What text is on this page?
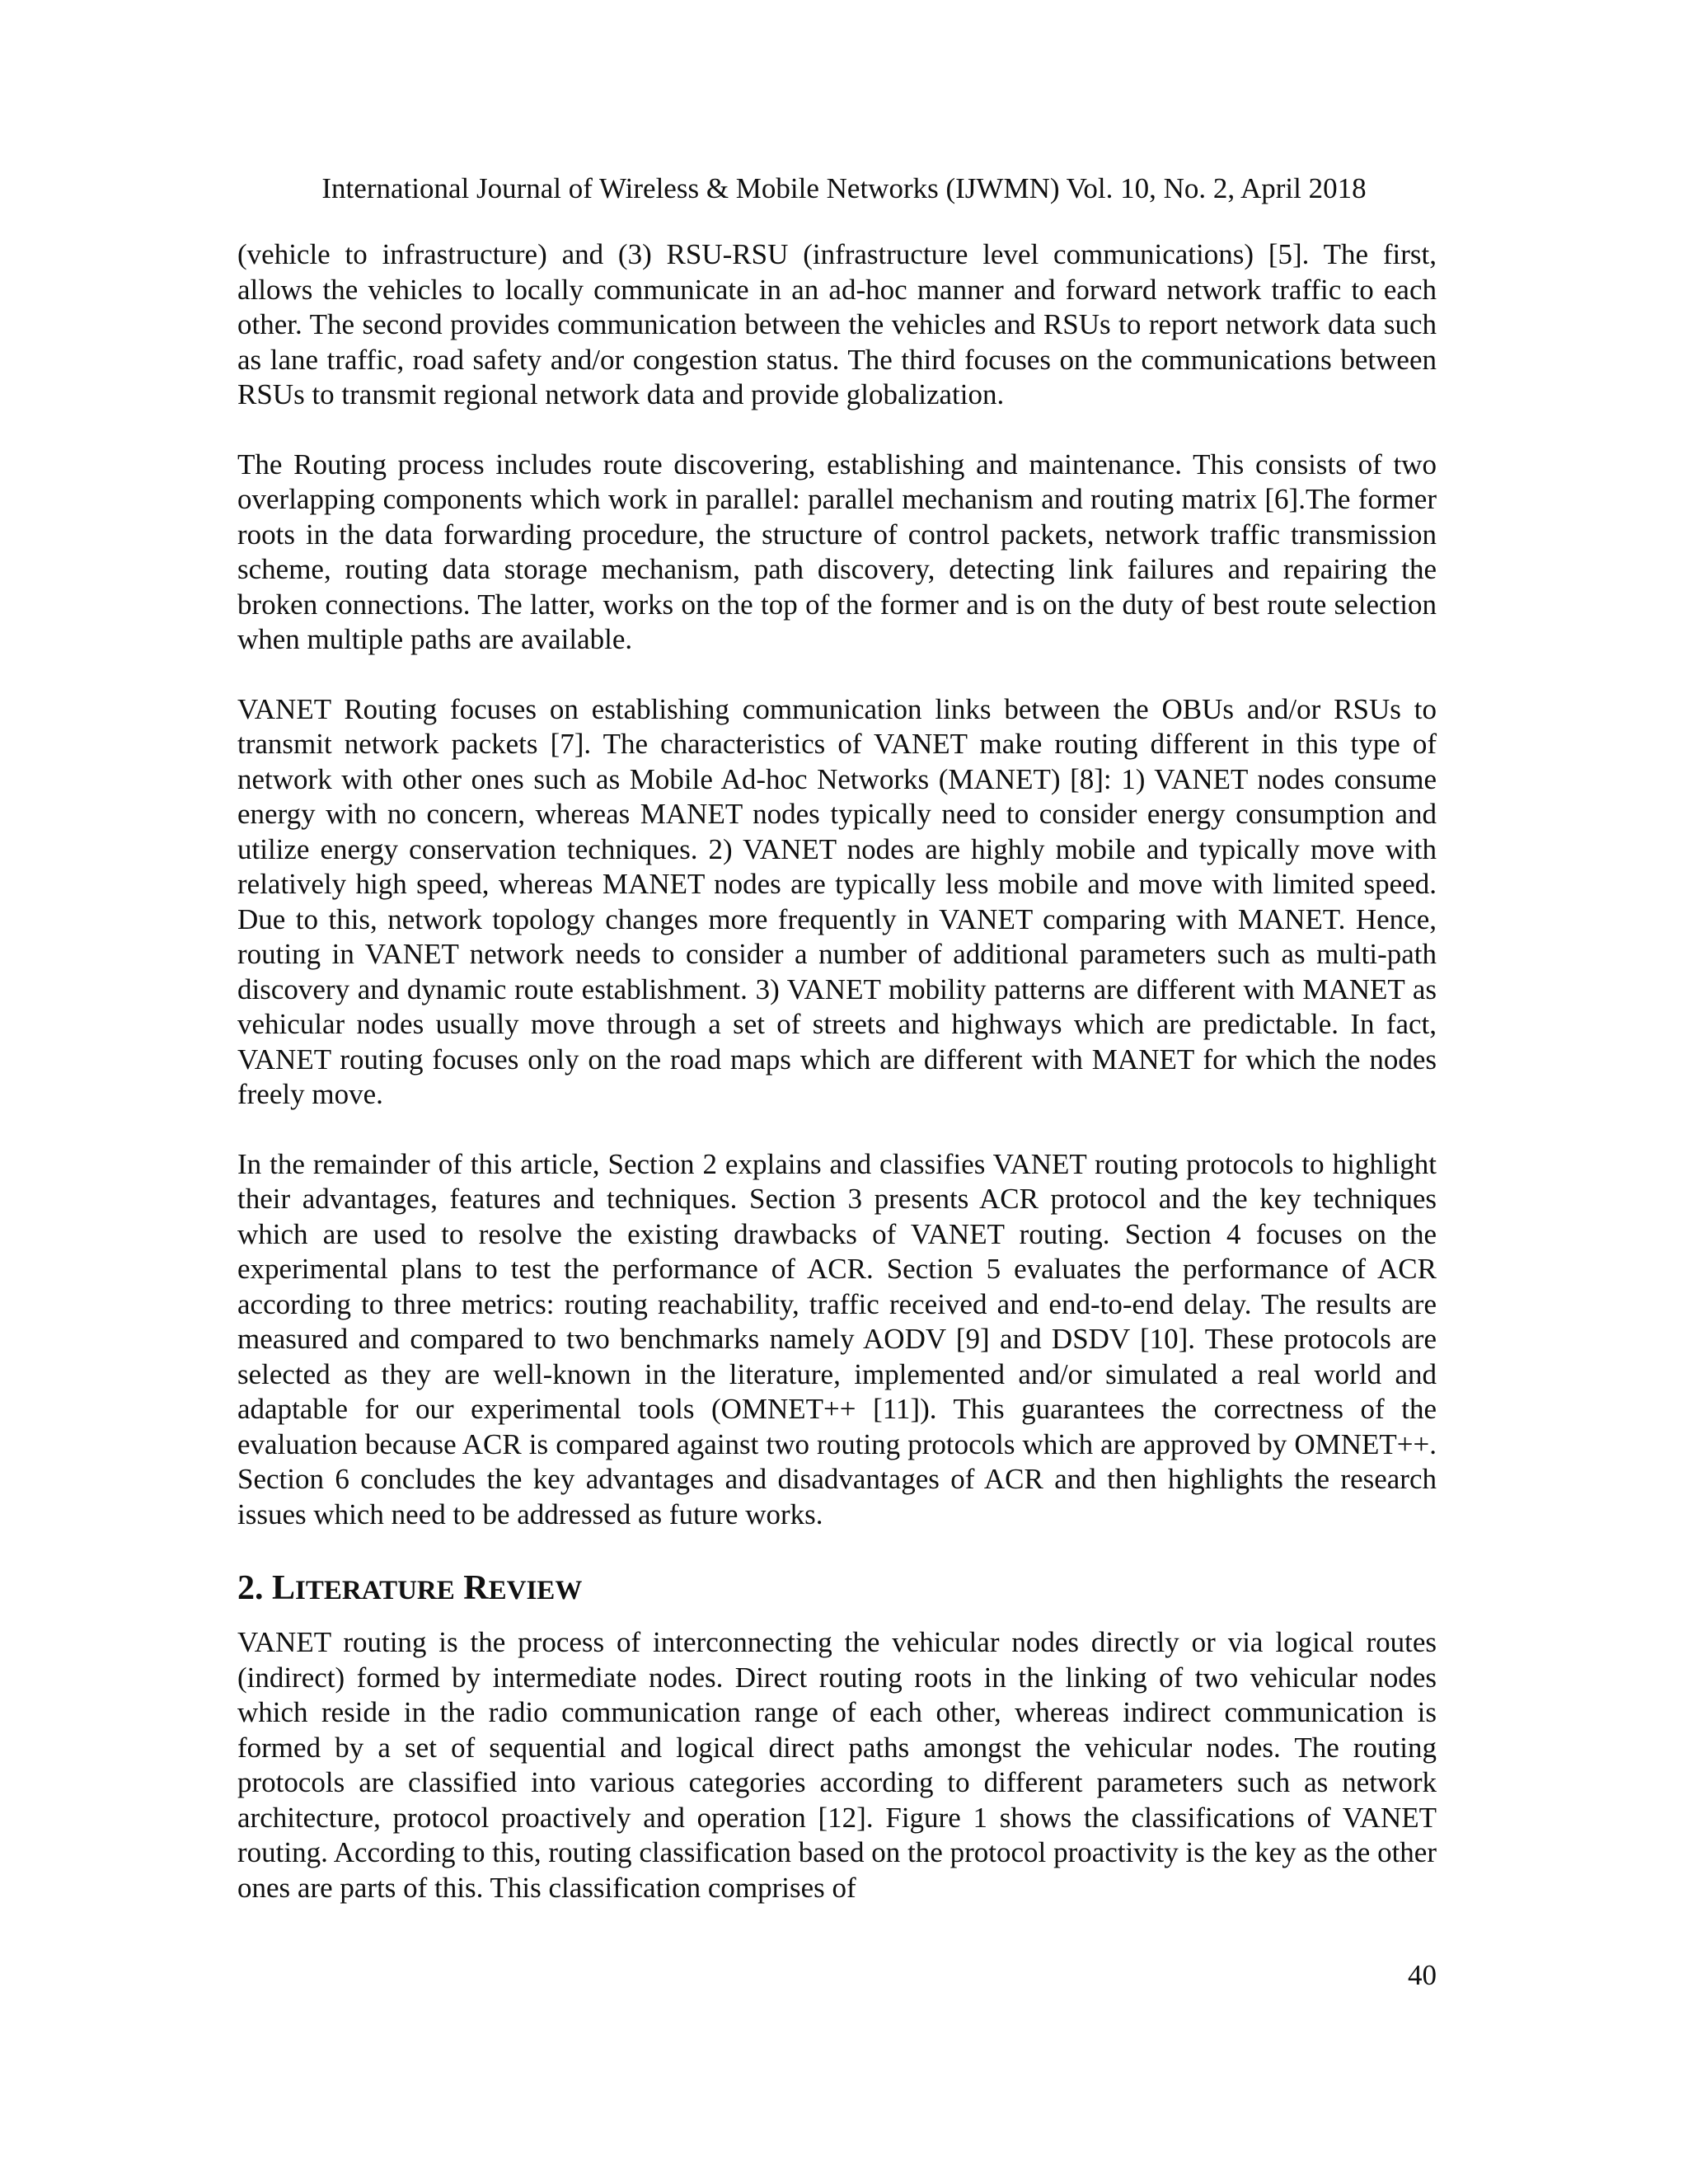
International Journal of Wireless & Mobile Networks (IJWMN) Vol. 10, No. 2, April 2018

(vehicle to infrastructure) and (3) RSU-RSU (infrastructure level communications) [5]. The first, allows the vehicles to locally communicate in an ad-hoc manner and forward network traffic to each other. The second provides communication between the vehicles and RSUs to report network data such as lane traffic, road safety and/or congestion status. The third focuses on the communications between RSUs to transmit regional network data and provide globalization.

The Routing process includes route discovering, establishing and maintenance. This consists of two overlapping components which work in parallel: parallel mechanism and routing matrix [6].The former roots in the data forwarding procedure, the structure of control packets, network traffic transmission scheme, routing data storage mechanism, path discovery, detecting link failures and repairing the broken connections. The latter, works on the top of the former and is on the duty of best route selection when multiple paths are available.

VANET Routing focuses on establishing communication links between the OBUs and/or RSUs to transmit network packets [7]. The characteristics of VANET make routing different in this type of network with other ones such as Mobile Ad-hoc Networks (MANET) [8]: 1) VANET nodes consume energy with no concern, whereas MANET nodes typically need to consider energy consumption and utilize energy conservation techniques. 2) VANET nodes are highly mobile and typically move with relatively high speed, whereas MANET nodes are typically less mobile and move with limited speed. Due to this, network topology changes more frequently in VANET comparing with MANET. Hence, routing in VANET network needs to consider a number of additional parameters such as multi-path discovery and dynamic route establishment. 3) VANET mobility patterns are different with MANET as vehicular nodes usually move through a set of streets and highways which are predictable. In fact, VANET routing focuses only on the road maps which are different with MANET for which the nodes freely move.

In the remainder of this article, Section 2 explains and classifies VANET routing protocols to highlight their advantages, features and techniques. Section 3 presents ACR protocol and the key techniques which are used to resolve the existing drawbacks of VANET routing. Section 4 focuses on the experimental plans to test the performance of ACR. Section 5 evaluates the performance of ACR according to three metrics: routing reachability, traffic received and end-to-end delay. The results are measured and compared to two benchmarks namely AODV [9] and DSDV [10]. These protocols are selected as they are well-known in the literature, implemented and/or simulated a real world and adaptable for our experimental tools (OMNET++ [11]). This guarantees the correctness of the evaluation because ACR is compared against two routing protocols which are approved by OMNET++. Section 6 concludes the key advantages and disadvantages of ACR and then highlights the research issues which need to be addressed as future works.

2. LITERATURE REVIEW

VANET routing is the process of interconnecting the vehicular nodes directly or via logical routes (indirect) formed by intermediate nodes. Direct routing roots in the linking of two vehicular nodes which reside in the radio communication range of each other, whereas indirect communication is formed by a set of sequential and logical direct paths amongst the vehicular nodes. The routing protocols are classified into various categories according to different parameters such as network architecture, protocol proactively and operation [12]. Figure 1 shows the classifications of VANET routing. According to this, routing classification based on the protocol proactivity is the key as the other ones are parts of this. This classification comprises of

40
